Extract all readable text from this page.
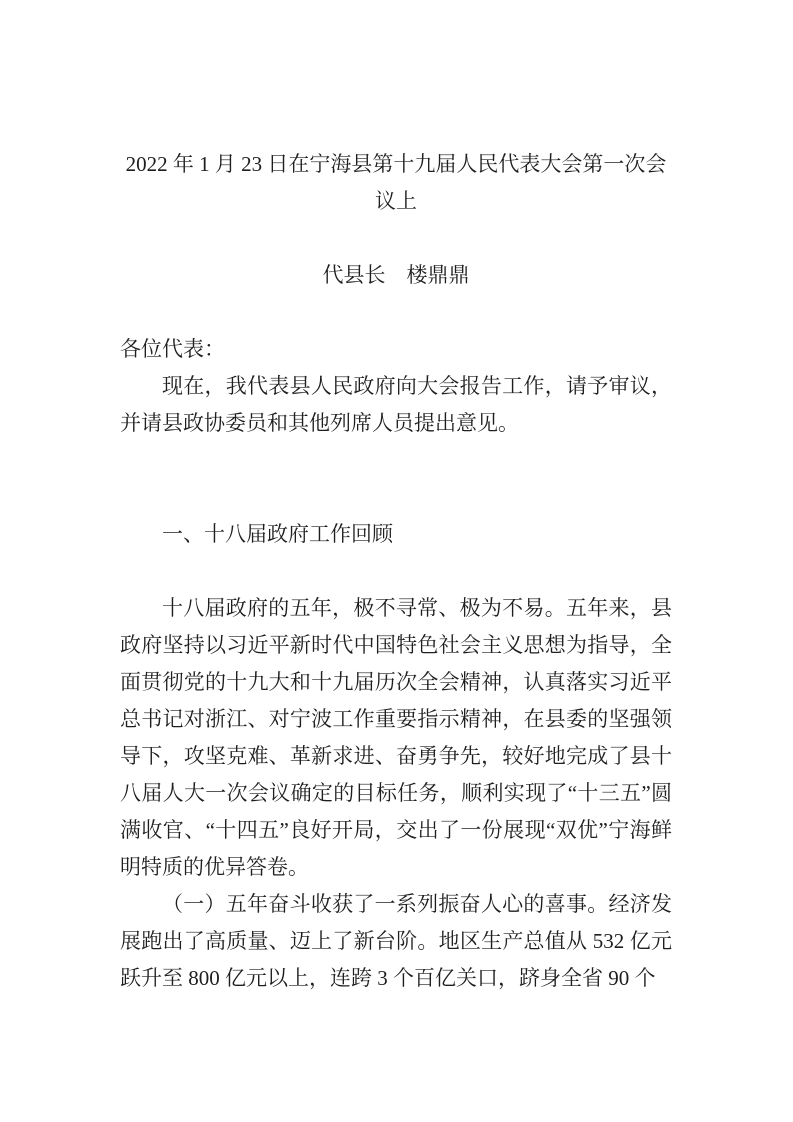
2022 年 1 月 23 日在宁海县第十九届人民代表大会第一次会议上
代县长　楼鼎鼎

各位代表：

现在，我代表县人民政府向大会报告工作，请予审议，并请县政协委员和其他列席人员提出意见。

一、十八届政府工作回顾

十八届政府的五年，极不寻常、极为不易。五年来，县政府坚持以习近平新时代中国特色社会主义思想为指导，全面贯彻党的十九大和十九届历次全会精神，认真落实习近平总书记对浙江、对宁波工作重要指示精神，在县委的坚强领导下，攻坚克难、革新求进、奋勇争先，较好地完成了县十八届人大一次会议确定的目标任务，顺利实现了“十三五”圆满收官、“十四五”良好开局，交出了一份展现“双优”宁海鲜明特质的优异答卷。

（一）五年奋斗收获了一系列振奋人心的喜事。经济发展跑出了高质量、迈上了新台阶。地区生产总值从 532 亿元跃升至 800 亿元以上，连跨 3 个百亿关口，跻身全省 90 个
